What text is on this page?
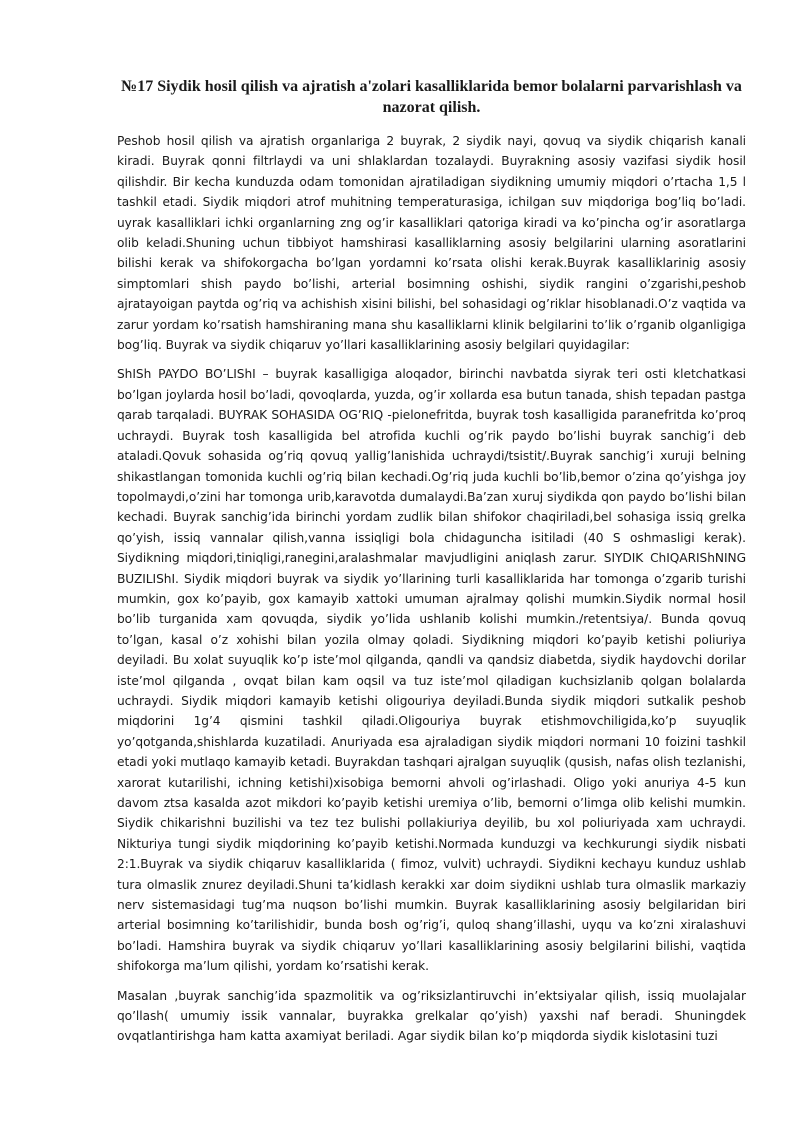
№17 Siydik hosil qilish va ajratish a'zolari kasalliklarida bemor bolalarni parvarishlash va nazorat qilish.

Peshob hosil qilish va ajratish organlariga 2 buyrak, 2 siydik nayi, qovuq va siydik chiqarish kanali kiradi. Buyrak qonni filtrlaydi va uni shlaklardan tozalaydi. Buyrakning asosiy vazifasi siydik hosil qilishdir. Bir kecha kunduzda odam tomonidan ajratiladigan siydikning umumiy miqdori o’rtacha 1,5 l tashkil etadi. Siydik miqdori atrof muhitning temperaturasiga, ichilgan suv miqdoriga bog’liq bo’ladi. uyrak kasalliklari ichki organlarning zng og’ir kasalliklari qatoriga kiradi va ko’pincha og’ir asoratlarga olib keladi.Shuning uchun tibbiyot hamshirasi kasalliklarning asosiy belgilarini ularning asoratlarini bilishi kerak va shifokorgacha bo’lgan yordamni ko’rsata olishi kerak.Buyrak kasalliklarinig asosiy simptomlari shish paydo bo’lishi, arterial bosimning oshishi, siydik rangini o’zgarishi,peshob ajratayoigan paytda og’riq va achishish xisini bilishi, bel sohasidagi og’riklar hisoblanadi.O’z vaqtida va zarur yordam ko’rsatish hamshiraning mana shu kasalliklarni klinik belgilarini to’lik o’rganib olganligiga bog’liq. Buyrak va siydik chiqaruv yo’llari kasalliklarining asosiy belgilari quyidagilar:

ShISh PAYDO BO’LIShI – buyrak kasalligiga aloqador, birinchi navbatda siyrak teri osti kletchatkasi bo’lgan joylarda hosil bo’ladi, qovoqlarda, yuzda, og’ir xollarda esa butun tanada, shish tepadan pastga qarab tarqaladi. BUYRAK SOHASIDA OG’RIQ -pielonefritda, buyrak tosh kasalligida paranefritda ko’proq uchraydi. Buyrak tosh kasalligida bel atrofida kuchli og’rik paydo bo’lishi buyrak sanchig’i deb ataladi.Qovuk sohasida og’riq qovuq yallig’lanishida uchraydi/tsistit/.Buyrak sanchig’i xuruji belning shikastlangan tomonida kuchli og’riq bilan kechadi.Og’riq juda kuchli bo’lib,bemor o’zina qo’yishga joy topolmaydi,o’zini har tomonga urib,karavotda dumalaydi.Ba’zan xuruj siydikda qon paydo bo’lishi bilan kechadi. Buyrak sanchig’ida birinchi yordam zudlik bilan shifokor chaqiriladi,bel sohasiga issiq grelka qo’yish, issiq vannalar qilish,vanna issiqligi bola chidaguncha isitiladi (40 S oshmasligi kerak). Siydikning miqdori,tiniqligi,ranegini,aralashmalar mavjudligini aniqlash zarur. SIYDIK ChIQARIShNING BUZILIShI. Siydik miqdori buyrak va siydik yo’llarining turli kasalliklarida har tomonga o’zgarib turishi mumkin, gox ko’payib, gox kamayib xattoki umuman ajralmay qolishi mumkin.Siydik normal hosil bo’lib turganida xam qovuqda, siydik yo’lida ushlanib kolishi mumkin./retentsiya/. Bunda qovuq to’lgan, kasal o’z xohishi bilan yozila olmay qoladi. Siydikning miqdori ko’payib ketishi poliuriya deyiladi. Bu xolat suyuqlik ko’p iste’mol qilganda, qandli va qandsiz diabetda, siydik haydovchi dorilar iste’mol qilganda , ovqat bilan kam oqsil va tuz iste’mol qiladigan kuchsizlanib qolgan bolalarda uchraydi. Siydik miqdori kamayib ketishi oligouriya deyiladi.Bunda siydik miqdori sutkalik peshob miqdorini 1g’4 qismini tashkil qiladi.Oligouriya buyrak etishmovchiligida,ko’p suyuqlik yo’qotganda,shishlarda kuzatiladi. Anuriyada esa ajraladigan siydik miqdori normani 10 foizini tashkil etadi yoki mutlaqo kamayib ketadi. Buyrakdan tashqari ajralgan suyuqlik (qusish, nafas olish tezlanishi, xarorat kutarilishi, ichning ketishi)xisobiga bemorni ahvoli og’irlashadi. Oligo yoki anuriya 4-5 kun davom ztsa kasalda azot mikdori ko’payib ketishi uremiya o’lib, bemorni o’limga olib kelishi mumkin. Siydik chikarishni buzilishi va tez tez bulishi pollakiuriya deyilib, bu xol poliuriyada xam uchraydi. Nikturiya tungi siydik miqdorining ko’payib ketishi.Normada kunduzgi va kechkurungi siydik nisbati 2:1.Buyrak va siydik chiqaruv kasalliklarida ( fimoz, vulvit) uchraydi. Siydikni kechayu kunduz ushlab tura olmaslik znurez deyiladi.Shuni ta’kidlash kerakki xar doim siydikni ushlab tura olmaslik markaziy nerv sistemasidagi tug’ma nuqson bo’lishi mumkin. Buyrak kasalliklarining asosiy belgilaridan biri arterial bosimning ko’tarilishidir, bunda bosh og’rig’i, quloq shang’illashi, uyqu va ko’zni xiralashuvi bo’ladi. Hamshira buyrak va siydik chiqaruv yo’llari kasalliklarining asosiy belgilarini bilishi, vaqtida shifokorga ma’lum qilishi, yordam ko’rsatishi kerak.

Masalan ,buyrak sanchig’ida spazmolitik va og’riksizlantiruvchi in’ektsiyalar qilish, issiq muolajalar qo’llash( umumiy issik vannalar, buyrakka grelkalar qo’yish) yaxshi naf beradi. Shuningdek ovqatlantirishga ham katta axamiyat beriladi. Agar siydik bilan ko’p miqdorda siydik kislotasini tuzi
